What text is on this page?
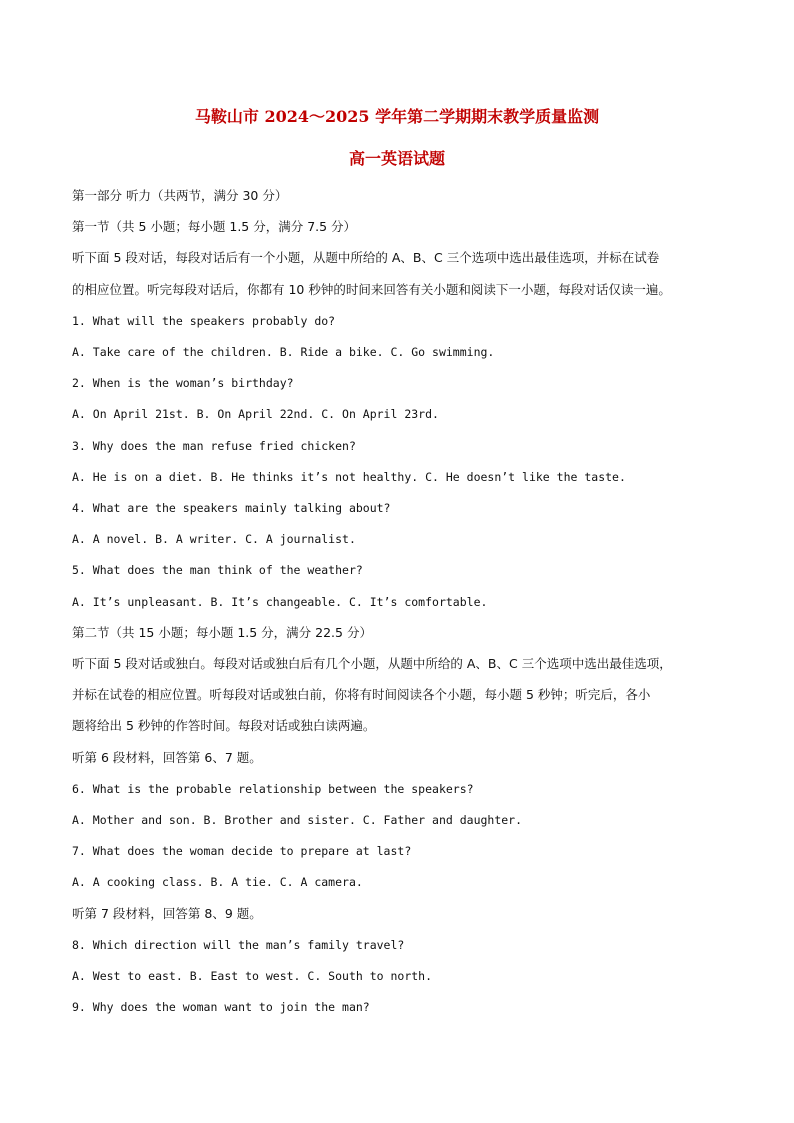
马鞍山市 2024～2025 学年第二学期期末教学质量监测
高一英语试题
第一部分 听力（共两节，满分 30 分）
第一节（共 5 小题；每小题 1.5 分，满分 7.5 分）
听下面 5 段对话，每段对话后有一个小题，从题中所给的 A、B、C 三个选项中选出最佳选项，并标在试卷
的相应位置。听完每段对话后，你都有 10 秒钟的时间来回答有关小题和阅读下一小题，每段对话仅读一遍。
1. What will the speakers probably do?
A. Take care of the children. B. Ride a bike. C. Go swimming.
2. When is the woman’s birthday?
A. On April 21st. B. On April 22nd. C. On April 23rd.
3. Why does the man refuse fried chicken?
A. He is on a diet. B. He thinks it’s not healthy. C. He doesn’t like the taste.
4. What are the speakers mainly talking about?
A. A novel. B. A writer. C. A journalist.
5. What does the man think of the weather?
A. It’s unpleasant. B. It’s changeable. C. It’s comfortable.
第二节（共 15 小题；每小题 1.5 分，满分 22.5 分）
听下面 5 段对话或独白。每段对话或独白后有几个小题，从题中所给的 A、B、C 三个选项中选出最佳选项，
并标在试卷的相应位置。听每段对话或独白前，你将有时间阅读各个小题，每小题 5 秒钟；听完后，各小
题将给出 5 秒钟的作答时间。每段对话或独白读两遍。
听第 6 段材料，回答第 6、7 题。
6. What is the probable relationship between the speakers?
A. Mother and son. B. Brother and sister. C. Father and daughter.
7. What does the woman decide to prepare at last?
A. A cooking class. B. A tie. C. A camera.
听第 7 段材料，回答第 8、9 题。
8. Which direction will the man’s family travel?
A. West to east. B. East to west. C. South to north.
9. Why does the woman want to join the man?
